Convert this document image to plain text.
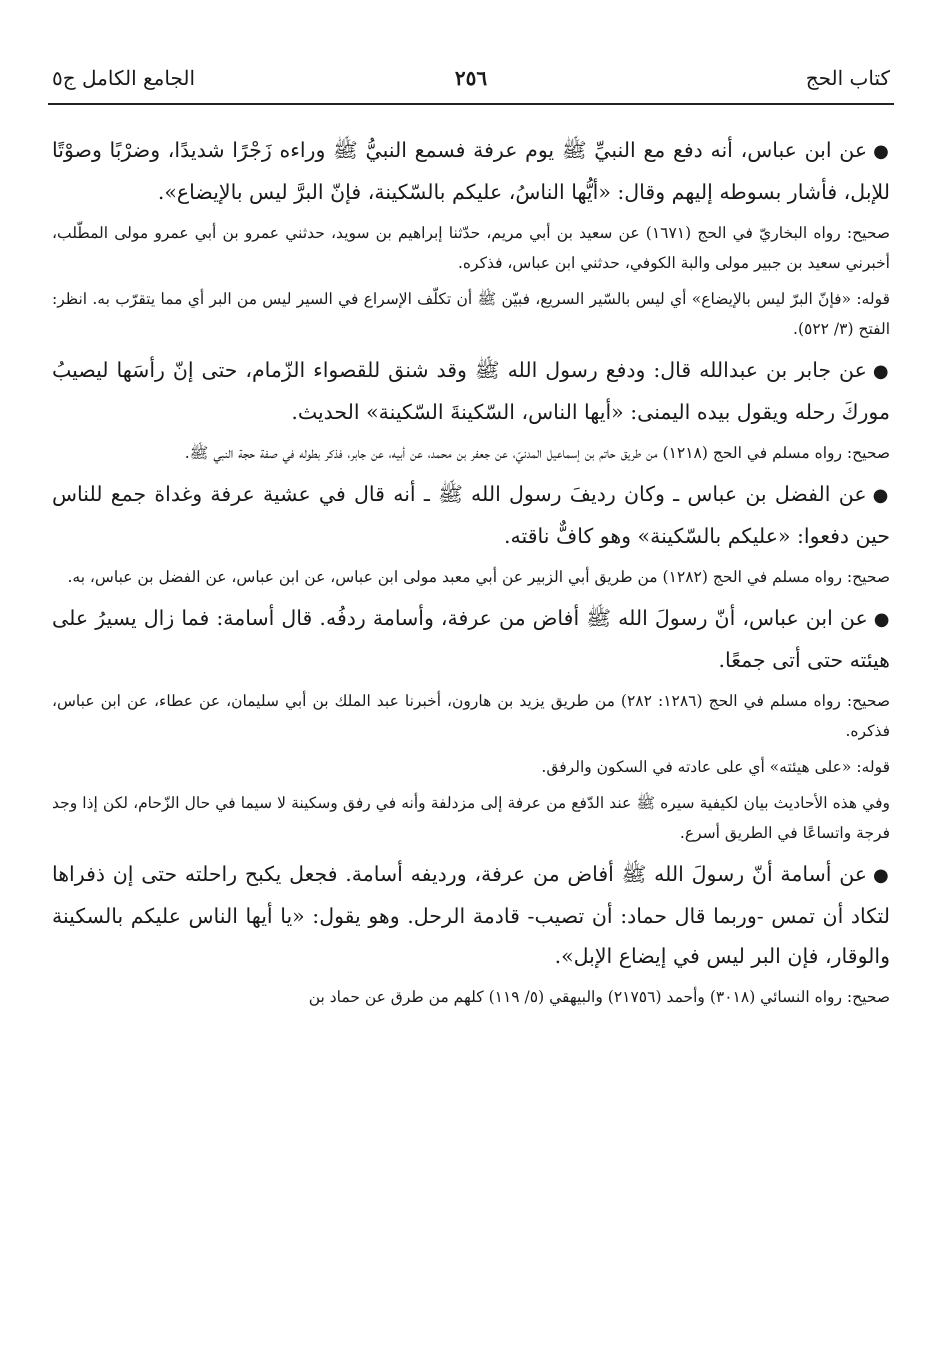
كتاب الحج
٢٥٦
الجامع الكامل ج٥

●عن ابن عباس، أنه دفع مع النبيِّ ﷺ يوم عرفة فسمع النبيُّ ﷺ وراءه زَجْرًا شديدًا، وضرْبًا وصوْتًا للإبل، فأشار بسوطه إليهم وقال: «أيُّها الناسُ، عليكم بالسّكينة، فإنّ البرَّ ليس بالإيضاع».

صحيح: رواه البخاريّ في الحج (١٦٧١) عن سعيد بن أبي مريم، حدّثنا إبراهيم بن سويد، حدثني عمرو بن أبي عمرو مولى المطّلب، أخبرني سعيد بن جبير مولى والبة الكوفي، حدثني ابن عباس، فذكره.

قوله: «فإنّ البرّ ليس بالإيضاع» أي ليس بالسّير السريع، فبيّن ﷺ أن تكلّف الإسراع في السير ليس من البر أي مما يتقرّب به. انظر: الفتح (٣/ ٥٢٢).

●عن جابر بن عبدالله قال: ودفع رسول الله ﷺ وقد شنق للقصواء الزّمام، حتى إنّ رأسَها ليصيبُ موركَ رحله ويقول بيده اليمنى: «أيها الناس، السّكينةَ السّكينة» الحديث.

صحيح: رواه مسلم في الحج (١٢١٨) من طريق حاتم بن إسماعيل المدنيّ، عن جعفر بن محمد، عن أبيه، عن جابر، فذكر بطوله في صفة حجة النبي ﷺ.

●عن الفضل بن عباس ـ وكان رديفَ رسول الله ﷺ ـ أنه قال في عشية عرفة وغداة جمع للناس حين دفعوا: «عليكم بالسّكينة» وهو كافٌّ ناقته.

صحيح: رواه مسلم في الحج (١٢٨٢) من طريق أبي الزبير عن أبي معبد مولى ابن عباس، عن ابن عباس، عن الفضل بن عباس، به.

●عن ابن عباس، أنّ رسولَ الله ﷺ أفاض من عرفة، وأسامة ردفُه. قال أسامة: فما زال يسيرُ على هيئته حتى أتى جمعًا.

صحيح: رواه مسلم في الحج (١٢٨٦: ٢٨٢) من طريق يزيد بن هارون، أخبرنا عبد الملك بن أبي سليمان، عن عطاء، عن ابن عباس، فذكره.

قوله: «على هيئته» أي على عادته في السكون والرفق.

وفي هذه الأحاديث بيان لكيفية سيره ﷺ عند الدّفع من عرفة إلى مزدلفة وأنه في رفق وسكينة لا سيما في حال الزّحام، لكن إذا وجد فرجة واتساعًا في الطريق أسرع.

●عن أسامة أنّ رسولَ الله ﷺ أفاض من عرفة، ورديفه أسامة. فجعل يكبح راحلته حتى إن ذفراها لتكاد أن تمس -وربما قال حماد: أن تصيب- قادمة الرحل. وهو يقول: «يا أيها الناس عليكم بالسكينة والوقار، فإن البر ليس في إيضاع الإبل».

صحيح: رواه النسائي (٣٠١٨) وأحمد (٢١٧٥٦) والبيهقي (٥/ ١١٩) كلهم من طرق عن حماد بن
